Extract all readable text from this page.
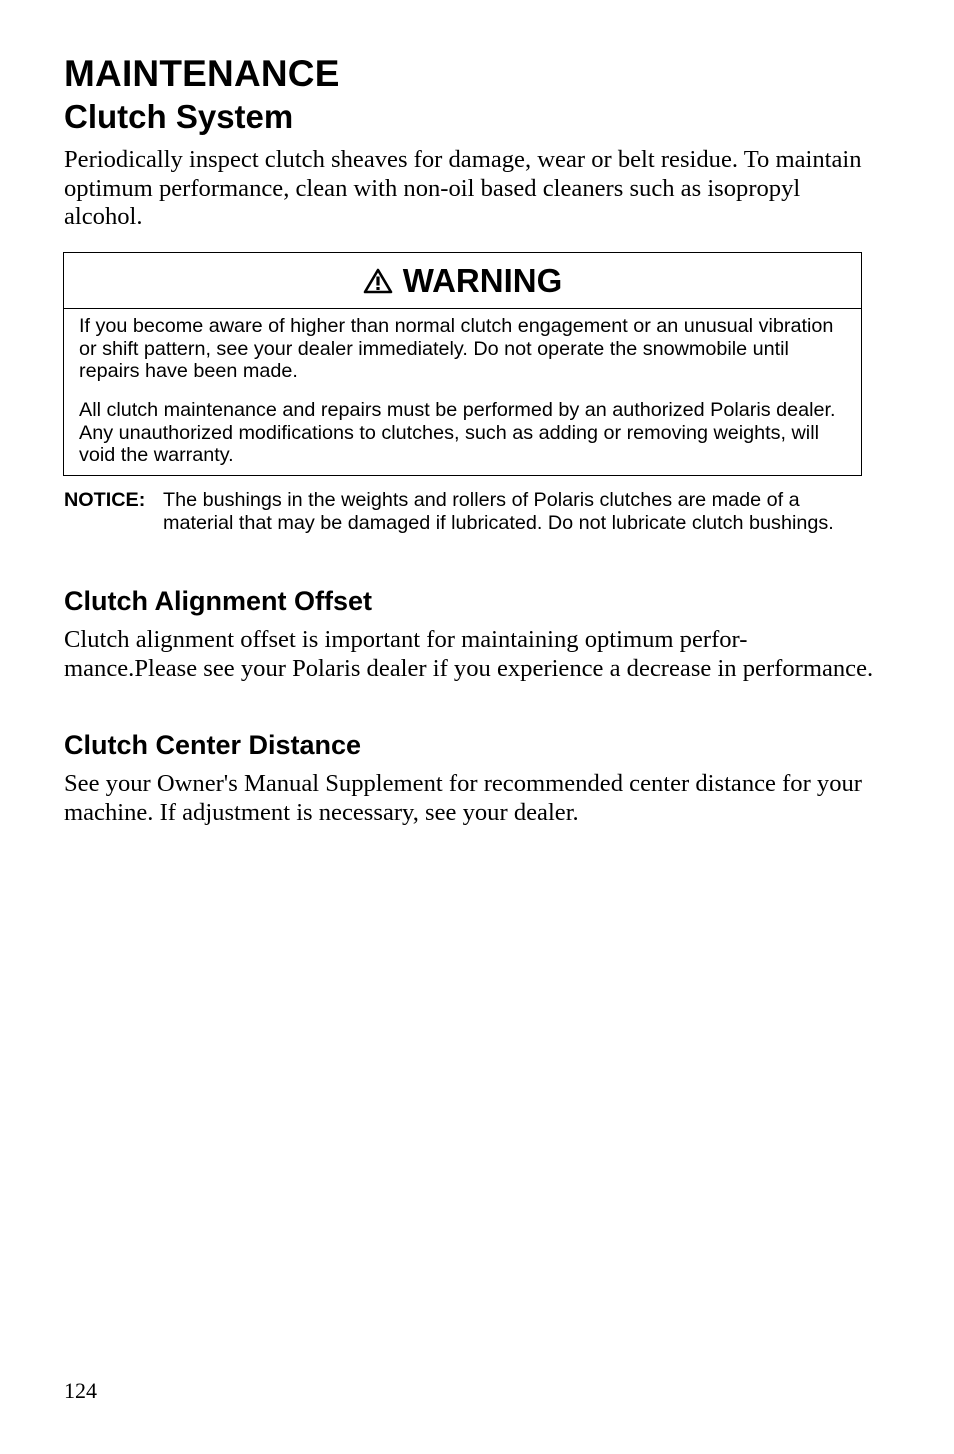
MAINTENANCE
Clutch System

Periodically inspect clutch sheaves for damage, wear or belt residue. To maintain optimum performance, clean with non-oil based cleaners such as isopropyl alcohol.

WARNING

If you become aware of higher than normal clutch engagement or an unusual vibration or shift pattern, see your dealer immediately. Do not operate the snowmobile until repairs have been made.

All clutch maintenance and repairs must be performed by an authorized Polaris dealer. Any unauthorized modifications to clutches, such as adding or removing weights, will void the warranty.

NOTICE: The bushings in the weights and rollers of Polaris clutches are made of a material that may be damaged if lubricated. Do not lubricate clutch bushings.
Clutch Alignment Offset

Clutch alignment offset is important for maintaining optimum perfor-mance.Please see your Polaris dealer if you experience a decrease in performance.

Clutch Center Distance

See your Owner's Manual Supplement for recommended center distance for your machine. If adjustment is necessary, see your dealer.

124
